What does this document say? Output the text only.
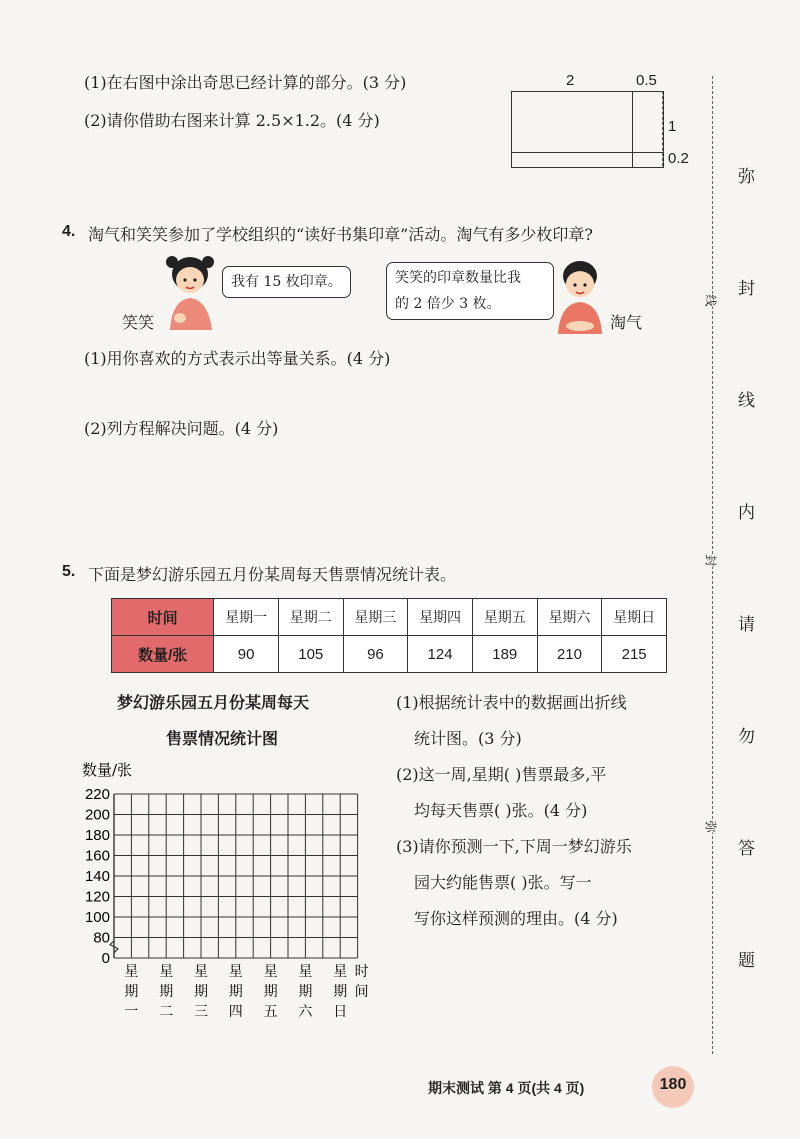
(1)在右图中涂出奇思已经计算的部分。(3 分)
(2)请你借助右图来计算 2.5×1.2。(4 分)
2	0.5
1
0.2
4. 淘气和笑笑参加了学校组织的“读好书集印章”活动。淘气有多少枚印章?
我有 15 枚印章。
笑笑
笑笑的印章数量比我
的 2 倍少 3 枚。
淘气
(1)用你喜欢的方式表示出等量关系。(4 分)
(2)列方程解决问题。(4 分)
5. 下面是梦幻游乐园五月份某周每天售票情况统计表。
时间	星期一	星期二	星期三	星期四	星期五	星期六	星期日
数量/张	90	105	96	124	189	210	215
梦幻游乐园五月份某周每天
售票情况统计图
数量/张
0
80
100
120
140
160
180
200
220
星
期
一
星
期
二
星
期
三
星
期
四
星
期
五
星
期
六
星
期
日
时
间
(1)根据统计表中的数据画出折线
统计图。(3 分)
(2)这一周,星期( )售票最多,平
均每天售票( )张。(4 分)
(3)请你预测一下,下周一梦幻游乐
园大约能售票( )张。写一
写你这样预测的理由。(4 分)
线
封
弥
弥
封
线
内
请
勿
答
题
期末测试 第 4 页(共 4 页)	180
